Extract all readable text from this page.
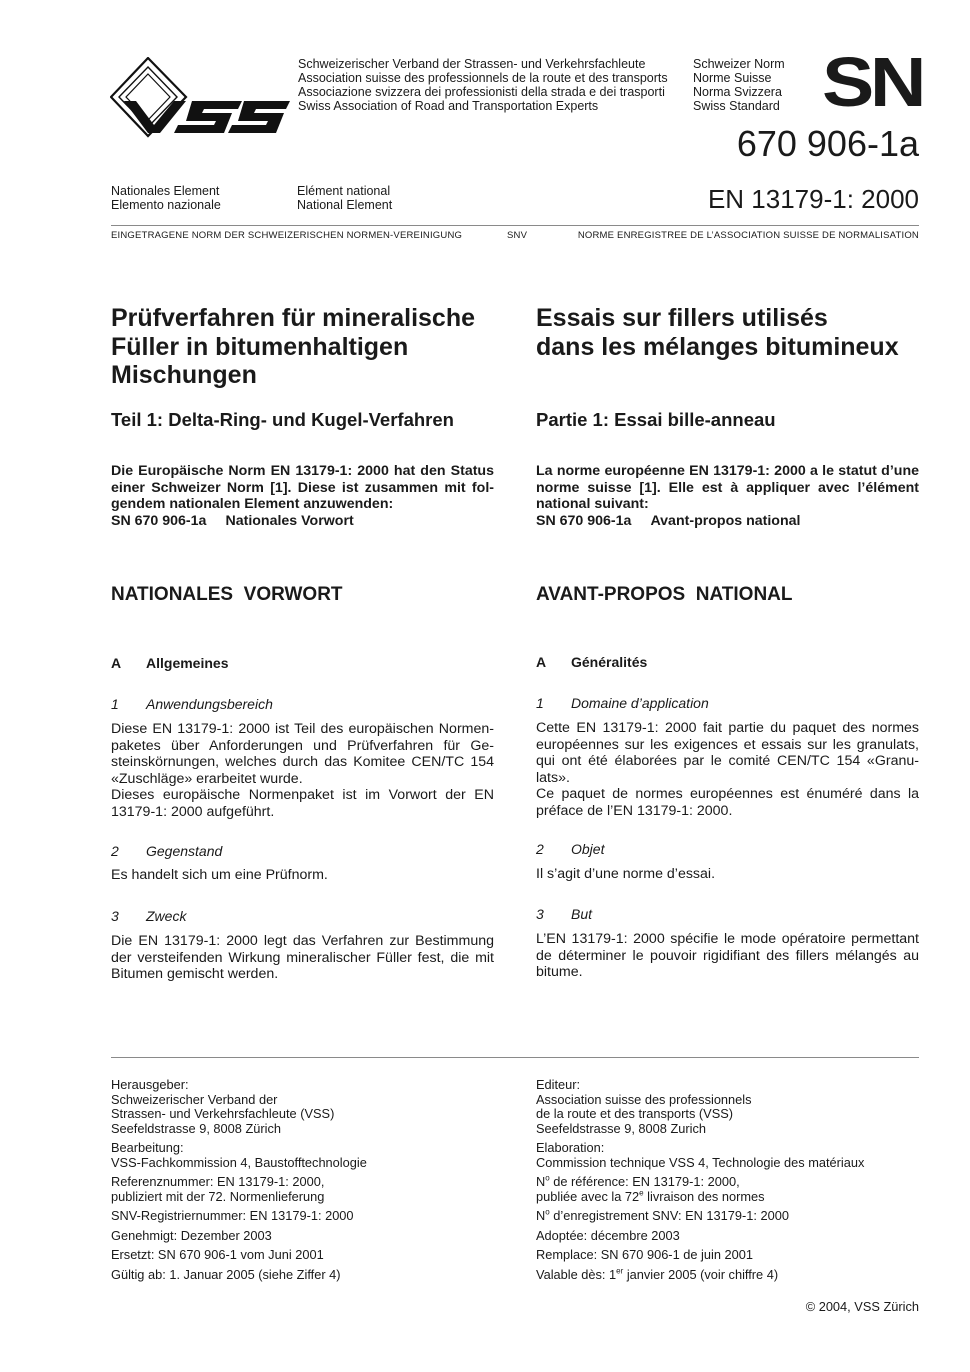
VSS	Schweizerischer Verband der Strassen- und Verkehrsfachleute
Association suisse des professionnels de la route et des transports
Associazione svizzera dei professionisti della strada e dei trasporti
Swiss Association of Road and Transportation Experts
Schweizer Norm
Norme Suisse
Norma Svizzera
Swiss Standard SN
670 906-1a
Nationales Element
Elemento nazionale
Elément national
National Element	EN 13179-1: 2000
EINGETRAGENE NORM DER SCHWEIZERISCHEN NORMEN-VEREINIGUNG	SNV	NORME ENREGISTREE DE L’ASSOCIATION SUISSE DE NORMALISATION
Prüfverfahren für mineralische
Füller in bitumenhaltigen
Mischungen
Teil 1: Delta-Ring- und Kugel-Verfahren
Die Europäische Norm EN 13179-1: 2000 hat den Status einer Schweizer Norm [1]. Diese ist zusammen mit folgendem nationalen Element anzuwenden:
SN 670 906-1a Nationales Vorwort
Essais sur fillers utilisés
dans les mélanges bitumineux
Partie 1: Essai bille-anneau
La norme européenne EN 13179-1: 2000 a le statut d’une norme suisse [1]. Elle est à appliquer avec l’élément national suivant:
SN 670 906-1a Avant-propos national
NATIONALES  VORWORT	AVANT-PROPOS  NATIONAL
A Allgemeines
1 Anwendungsbereich
Diese EN 13179-1: 2000 ist Teil des europäischen Normenpaketes über Anforderungen und Prüfverfahren für Gesteinskörnungen, welches durch das Komitee CEN/TC 154 «Zuschläge» erarbeitet wurde.
Dieses europäische Normenpaket ist im Vorwort der EN 13179-1: 2000 aufgeführt.
2 Gegenstand
Es handelt sich um eine Prüfnorm.
3 Zweck
Die EN 13179-1: 2000 legt das Verfahren zur Bestimmung der versteifenden Wirkung mineralischer Füller fest, die mit Bitumen gemischt werden.
A Généralités
1 Domaine d’application
Cette EN 13179-1: 2000 fait partie du paquet des normes européennes sur les exigences et essais sur les granulats, qui ont été élaborées par le comité CEN/TC 154 «Granulats».
Ce paquet de normes européennes est énuméré dans la préface de l’EN 13179-1: 2000.
2 Objet
Il s’agit d’une norme d’essai.
3 But
L’EN 13179-1: 2000 spécifie le mode opératoire permettant de déterminer le pouvoir rigidifiant des fillers mélangés au bitume.

Herausgeber:
Schweizerischer Verband der
Strassen- und Verkehrsfachleute (VSS)
Seefeldstrasse 9, 8008 Zürich

Bearbeitung:
VSS-Fachkommission 4, Baustofftechnologie

Referenznummer: EN 13179-1: 2000,
publiziert mit der 72. Normenlieferung

SNV-Registriernummer: EN 13179-1: 2000

Genehmigt: Dezember 2003

Ersetzt: SN 670 906-1 vom Juni 2001

Gültig ab: 1. Januar 2005 (siehe Ziffer 4)

Editeur:
Association suisse des professionnels
de la route et des transports (VSS)
Seefeldstrasse 9, 8008 Zurich

Elaboration:
Commission technique VSS 4, Technologie des matériaux

$N^o$ de référence: EN 13179-1: 2000,
publiée avec la 72e livraison des normes

$N^o$ d’enregistrement SNV: EN 13179-1: 2000

Adoptée: décembre 2003

Remplace: SN 670 906-1 de juin 2001

Valable dès: 1er janvier 2005 (voir chiffre 4)

© 2004, VSS Zürich
